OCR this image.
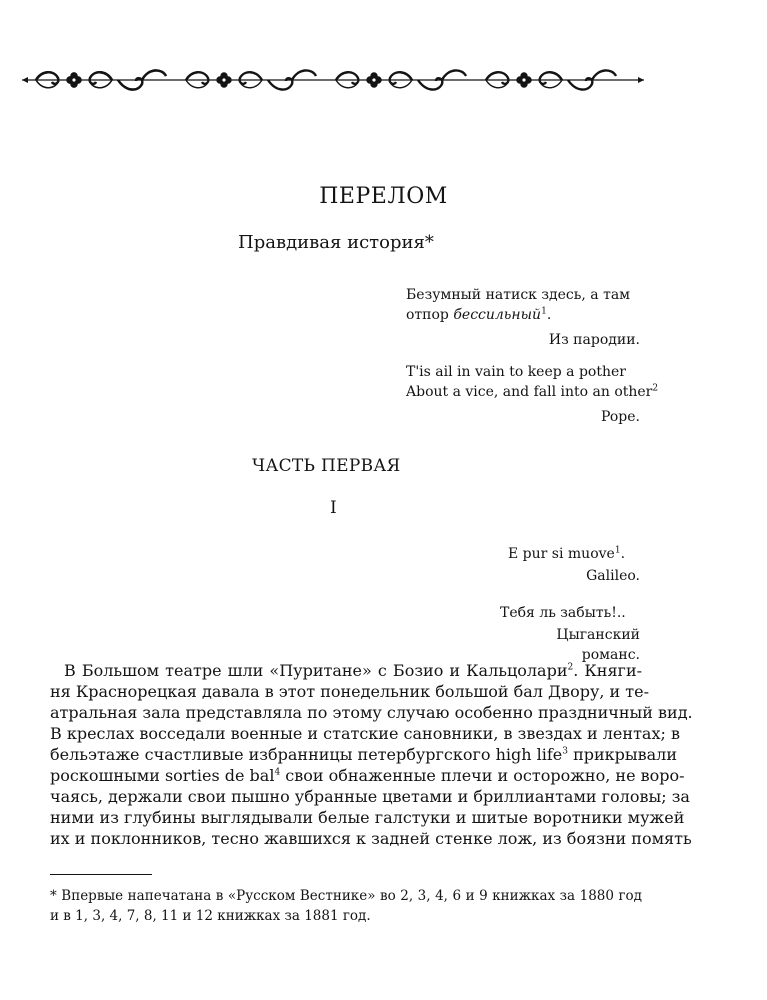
ПЕРЕЛОМ
Правдивая история*
Безумный натиск здесь, а там
отпор бессильный$^1$.
Из пародии.
T'is ail in vain to keep a pother
About a vice, and fall into an other$^2$
Pope.
ЧАСТЬ ПЕРВАЯ
I
E pur si muove$^1$.
Galileo.
Тебя ль забыть!..
Цыганский романс.
В Большом театре шли «Пуритане» с Бозио и Кальцолари$^2$. Княги-
ня Краснорецкая давала в этот понедельник большой бал Двору, и те-
атральная зала представляла по этому случаю особенно праздничный вид.
В креслах восседали военные и статские сановники, в звездах и лентах; в
бельэтаже счастливые избранницы петербургского high life$^3$ прикрывали
роскошными sorties de bal$^4$ свои обнаженные плечи и осторожно, не воро-
чаясь, держали свои пышно убранные цветами и бриллиантами головы; за
ними из глубины выглядывали белые галстуки и шитые воротники мужей
их и поклонников, тесно жавшихся к задней стенке лож, из боязни помять
* Впервые напечатана в «Русском Вестнике» во 2, 3, 4, 6 и 9 книжках за 1880 год
и в 1, 3, 4, 7, 8, 11 и 12 книжках за 1881 год.
